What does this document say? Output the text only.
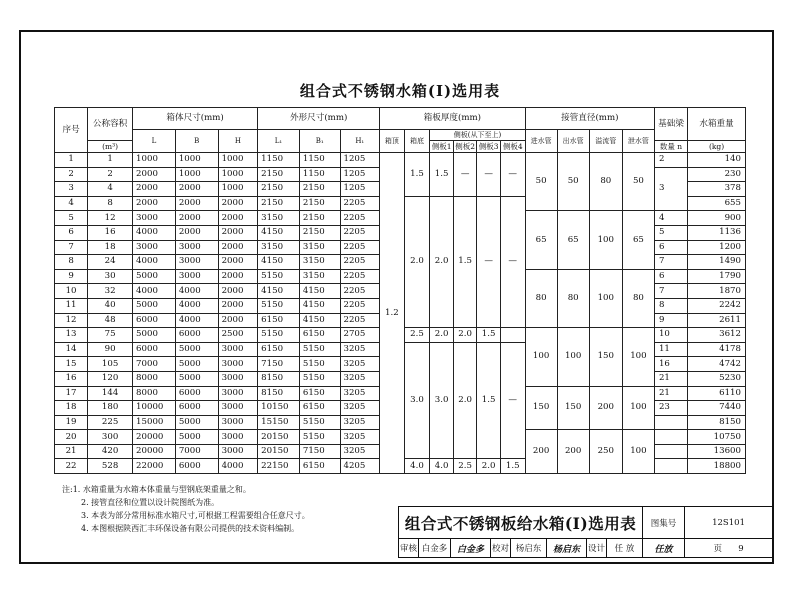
组合式不锈钢水箱(Ⅰ)选用表
序号	公称容积	箱体尺寸(mm)			外形尺寸(mm)			箱板厚度(mm)						接管直径(mm)				基础梁	水箱重量
		L	B	H	L₁	B₁	H₁	箱顶	箱底	侧板(从下至上)				进水管	出水管	溢流管	泄水管		
	(m³)									侧板1	侧板2	侧板3	侧板4					数量 n	(kg)
1	1	1000	1000	1000	1150	1150	1205	1.2	1.5	1.5	—	—	—	50	50	80	50	2	140
2	2	2000	1000	1000	2150	1150	1205											3	230
3	4	2000	2000	1000	2150	2150	1205												378
4	8	2000	2000	2000	2150	2150	2205		2.0	2.0	1.5	—	—						655
5	12	3000	2000	2000	3150	2150	2205							65	65	100	65	4	900
6	16	4000	2000	2000	4150	2150	2205											5	1136
7	18	3000	3000	2000	3150	3150	2205											6	1200
8	24	4000	3000	2000	4150	3150	2205											7	1490
9	30	5000	3000	2000	5150	3150	2205							80	80	100	80	6	1790
10	32	4000	4000	2000	4150	4150	2205											7	1870
11	40	5000	4000	2000	5150	4150	2205											8	2242
12	48	6000	4000	2000	6150	4150	2205											9	2611
13	75	5000	6000	2500	5150	6150	2705		2.5	2.0	2.0	1.5		100	100	150	100	10	3612
14	90	6000	5000	3000	6150	5150	3205		3.0	3.0	2.0	1.5	—					11	4178
15	105	7000	5000	3000	7150	5150	3205											16	4742
16	120	8000	5000	3000	8150	5150	3205											21	5230
17	144	8000	6000	3000	8150	6150	3205							150	150	200	100	21	6110
18	180	10000	6000	3000	10150	6150	3205											23	7440
19	225	15000	5000	3000	15150	5150	3205												8150
20	300	20000	5000	3000	20150	5150	3205							200	200	250	100		10750
21	420	20000	7000	3000	20150	7150	3205												13600
22	528	22000	6000	4000	22150	6150	4205		4.0	4.0	2.5	2.0	1.5						18800
注:1. 水箱重量为水箱本体重量与型钢底架重量之和。
2. 接管直径和位置以设计院图纸为准。
3. 本表为部分常用标准水箱尺寸,可根据工程需要组合任意尺寸。
4. 本图根据陕西汇丰环保设备有限公司提供的技术资料编制。	组合式不锈钢板给水箱(Ⅰ)选用表								图集号	12S101
审核	白金多	白金多	校对	杨启东	杨启东	设计	任 放	任放	页 9
